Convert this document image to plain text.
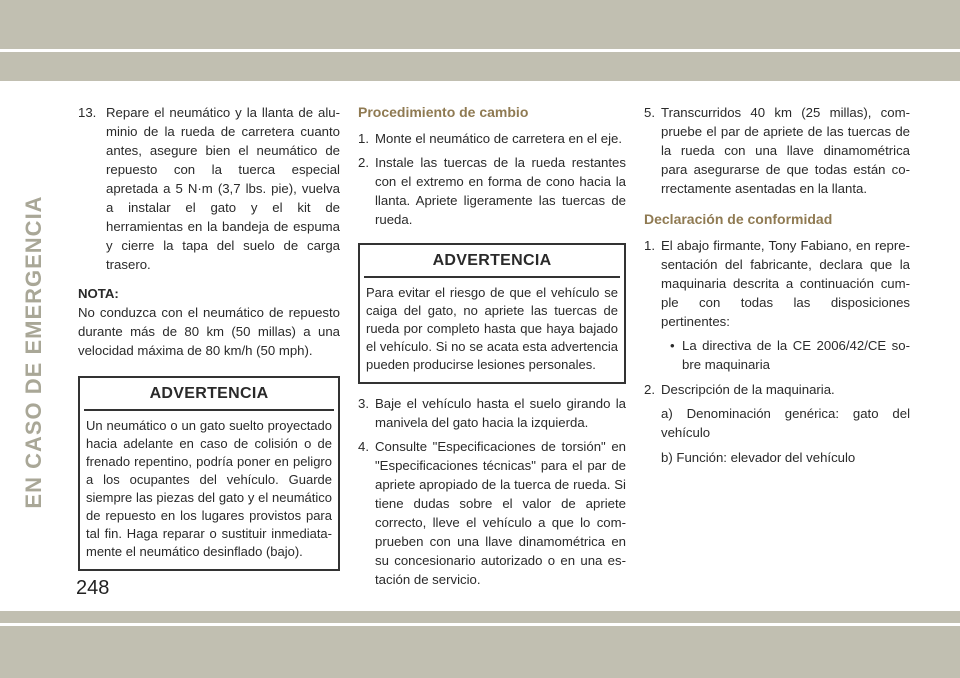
EN CASO DE EMERGENCIA
13. Repare el neumático y la llanta de alu- minio de la rueda de carretera cuanto antes, asegure bien el neumático de repuesto con la tuerca especial apretada a 5 N·m (3,7 lbs. pie), vuelva a instalar el gato y el kit de herramientas en la bandeja de espuma y cierre la tapa del suelo de carga trasero.
NOTA:

No conduzca con el neumático de repuesto durante más de 80 km (50 millas) a una velocidad máxima de 80 km/h (50 mph).

ADVERTENCIA
Un neumático o un gato suelto proyectado hacia adelante en caso de colisión o de frenado repentino, podría poner en peligro a los ocupantes del vehículo. Guarde siempre las piezas del gato y el neumático de repuesto en los lugares provistos para tal fin. Haga reparar o sustituir inmediata- mente el neumático desinflado (bajo).
Procedimiento de cambio
1. Monte el neumático de carretera en el eje.
2. Instale las tuercas de la rueda restantes con el extremo en forma de cono hacia la llanta. Apriete ligeramente las tuercas de rueda.
ADVERTENCIA
Para evitar el riesgo de que el vehículo se caiga del gato, no apriete las tuercas de rueda por completo hasta que haya bajado el vehículo. Si no se acata esta advertencia pueden producirse lesiones personales.
3. Baje el vehículo hasta el suelo girando la manivela del gato hacia la izquierda.
4. Consulte "Especificaciones de torsión" en "Especificaciones técnicas" para el par de apriete apropiado de la tuerca de rueda. Si tiene dudas sobre el valor de apriete correcto, lleve el vehículo a que lo com- prueben con una llave dinamométrica en su concesionario autorizado o en una es- tación de servicio.
5. Transcurridos 40 km (25 millas), com- pruebe el par de apriete de las tuercas de la rueda con una llave dinamométrica para asegurarse de que todas están co- rrectamente asentadas en la llanta.
Declaración de conformidad
1. El abajo firmante, Tony Fabiano, en repre- sentación del fabricante, declara que la maquinaria descrita a continuación cum- ple con todas las disposiciones pertinentes:
• La directiva de la CE 2006/42/CE so- bre maquinaria
2. Descripción de la maquinaria.

a) Denominación genérica: gato del vehículo

b) Función: elevador del vehículo

248
